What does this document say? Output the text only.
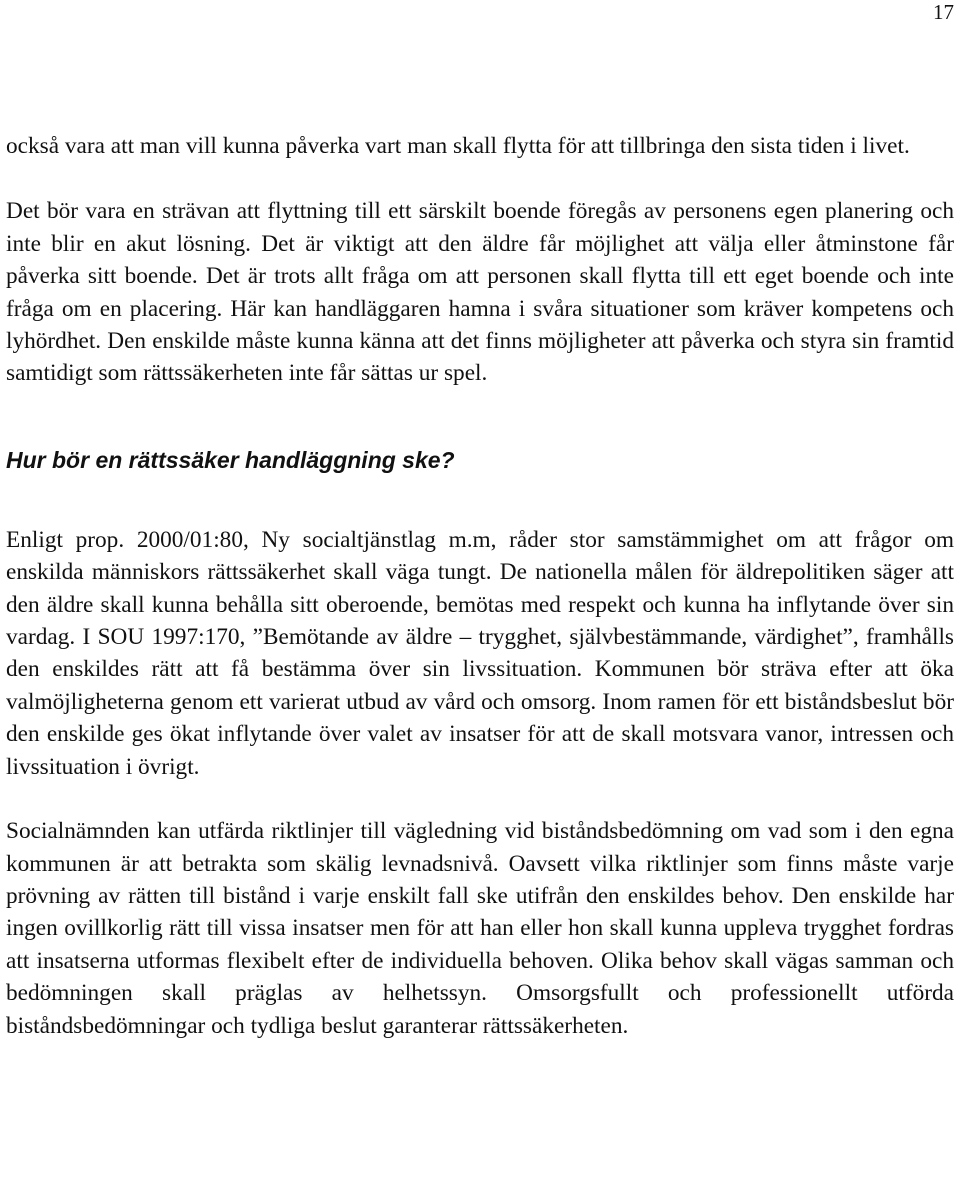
17

också vara att man vill kunna påverka vart man skall flytta för att tillbringa den sista tiden i livet.

Det bör vara en strävan att flyttning till ett särskilt boende föregås av personens egen planering och inte blir en akut lösning. Det är viktigt att den äldre får möjlighet att välja eller åtminstone får påverka sitt boende. Det är trots allt fråga om att personen skall flytta till ett eget boende och inte fråga om en placering. Här kan handläggaren hamna i svåra situationer som kräver kompetens och lyhördhet. Den enskilde måste kunna känna att det finns möjligheter att påverka och styra sin framtid samtidigt som rättssäkerheten inte får sättas ur spel.

Hur bör en rättssäker handläggning ske?

Enligt prop. 2000/01:80, Ny socialtjänstlag m.m, råder stor samstämmighet om att frågor om enskilda människors rättssäkerhet skall väga tungt. De nationella målen för äldrepolitiken säger att den äldre skall kunna behålla sitt oberoende, bemötas med respekt och kunna ha inflytande över sin vardag. I SOU 1997:170, ”Bemötande av äldre – trygghet, självbestämmande, värdighet”, framhålls den enskildes rätt att få bestämma över sin livssituation. Kommunen bör sträva efter att öka valmöjligheterna genom ett varierat utbud av vård och omsorg. Inom ramen för ett biståndsbeslut bör den enskilde ges ökat inflytande över valet av insatser för att de skall motsvara vanor, intressen och livssituation i övrigt.

Socialnämnden kan utfärda riktlinjer till vägledning vid biståndsbedömning om vad som i den egna kommunen är att betrakta som skälig levnadsnivå. Oavsett vilka riktlinjer som finns måste varje prövning av rätten till bistånd i varje enskilt fall ske utifrån den enskildes behov. Den enskilde har ingen ovillkorlig rätt till vissa insatser men för att han eller hon skall kunna uppleva trygghet fordras att insatserna utformas flexibelt efter de individuella behoven. Olika behov skall vägas samman och bedömningen skall präglas av helhetssyn. Omsorgsfullt och professionellt utförda biståndsbedömningar och tydliga beslut garanterar rättssäkerheten.
